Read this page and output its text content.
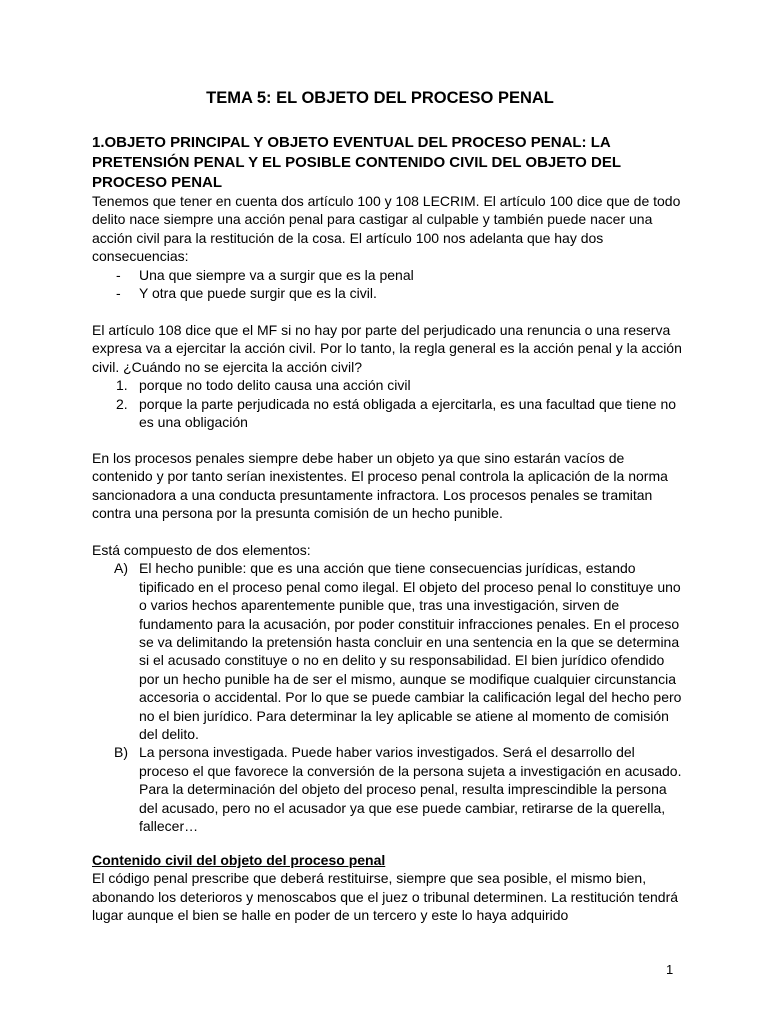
TEMA 5: EL OBJETO DEL PROCESO PENAL
1.OBJETO PRINCIPAL Y OBJETO EVENTUAL DEL PROCESO PENAL: LA PRETENSIÓN PENAL Y EL POSIBLE CONTENIDO CIVIL DEL OBJETO DEL PROCESO PENAL
Tenemos que tener en cuenta dos artículo 100 y 108 LECRIM. El artículo 100 dice que de todo delito nace siempre una acción penal para castigar al culpable y también puede nacer una acción civil para la restitución de la cosa. El artículo 100 nos adelanta que hay dos consecuencias:
- Una que siempre va a surgir que es la penal
- Y otra que puede surgir que es la civil.
El artículo 108 dice que el MF si no hay por parte del perjudicado una renuncia o una reserva expresa va a ejercitar la acción civil. Por lo tanto, la regla general es la acción penal y la acción civil. ¿Cuándo no se ejercita la acción civil?
1. porque no todo delito causa una acción civil
2. porque la parte perjudicada no está obligada a ejercitarla, es una facultad que tiene no es una obligación
En los procesos penales siempre debe haber un objeto ya que sino estarán vacíos de contenido y por tanto serían inexistentes. El proceso penal controla la aplicación de la norma sancionadora a una conducta presuntamente infractora. Los procesos penales se tramitan contra una persona por la presunta comisión de un hecho punible.
Está compuesto de dos elementos:
A) El hecho punible: que es una acción que tiene consecuencias jurídicas, estando tipificado en el proceso penal como ilegal. El objeto del proceso penal lo constituye uno o varios hechos aparentemente punible que, tras una investigación, sirven de fundamento para la acusación, por poder constituir infracciones penales. En el proceso se va delimitando la pretensión hasta concluir en una sentencia en la que se determina si el acusado constituye o no en delito y su responsabilidad. El bien jurídico ofendido por un hecho punible ha de ser el mismo, aunque se modifique cualquier circunstancia accesoria o accidental. Por lo que se puede cambiar la calificación legal del hecho pero no el bien jurídico. Para determinar la ley aplicable se atiene al momento de comisión del delito.
B) La persona investigada. Puede haber varios investigados. Será el desarrollo del proceso el que favorece la conversión de la persona sujeta a investigación en acusado. Para la determinación del objeto del proceso penal, resulta imprescindible la persona del acusado, pero no el acusador ya que ese puede cambiar, retirarse de la querella, fallecer…
Contenido civil del objeto del proceso penal
El código penal prescribe que deberá restituirse, siempre que sea posible, el mismo bien, abonando los deterioros y menoscabos que el juez o tribunal determinen. La restitución tendrá lugar aunque el bien se halle en poder de un tercero y este lo haya adquirido
1
